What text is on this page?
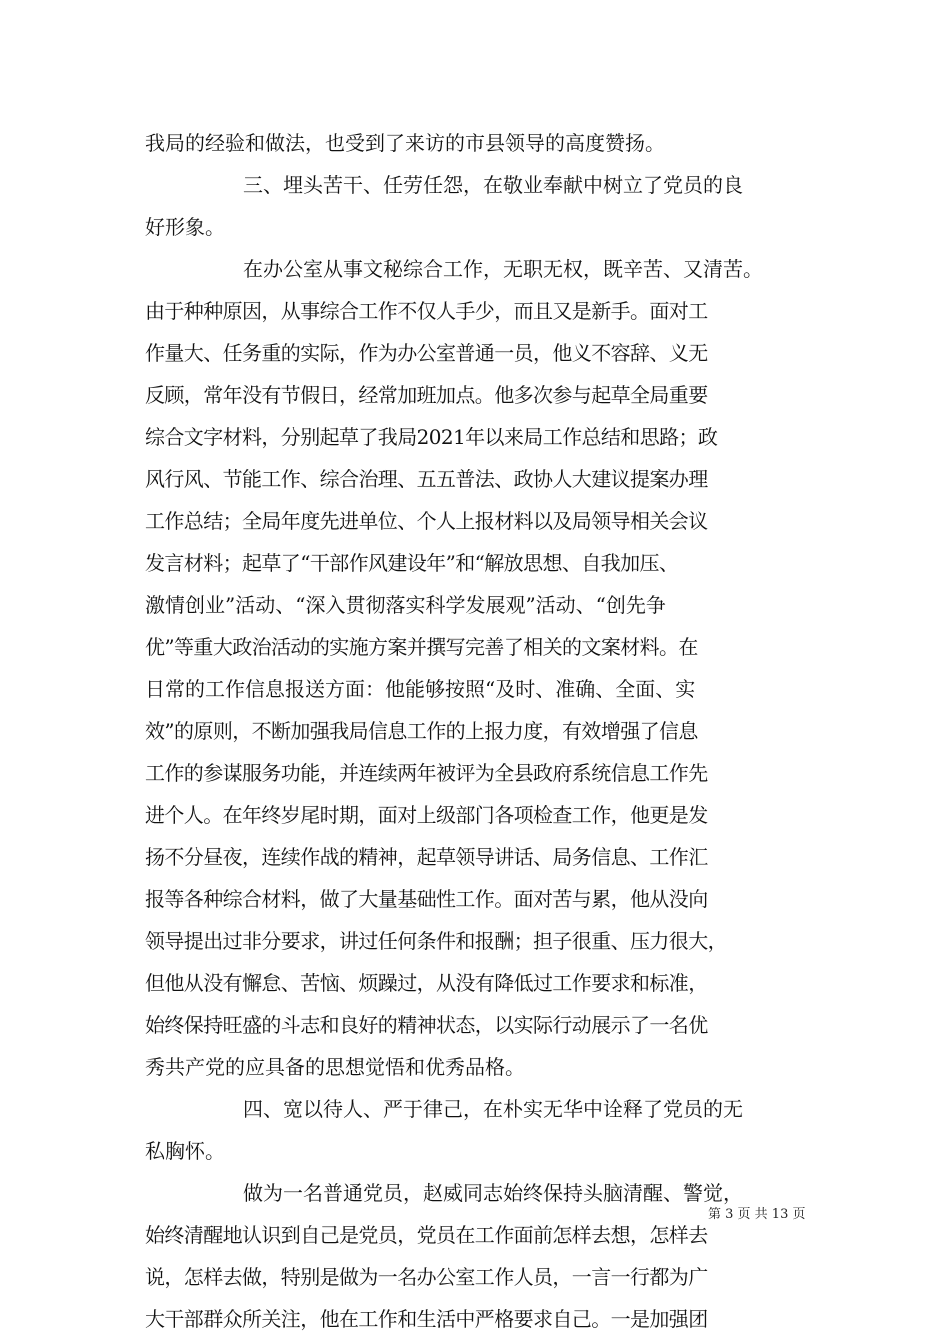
我局的经验和做法，也受到了来访的市县领导的高度赞扬。
三、埋头苦干、任劳任怨，在敬业奉献中树立了党员的良
好形象。
在办公室从事文秘综合工作，无职无权，既辛苦、又清苦。
由于种种原因，从事综合工作不仅人手少，而且又是新手。面对工
作量大、任务重的实际，作为办公室普通一员，他义不容辞、义无
反顾，常年没有节假日，经常加班加点。他多次参与起草全局重要
综合文字材料，分别起草了我局2021年以来局工作总结和思路；政
风行风、节能工作、综合治理、五五普法、政协人大建议提案办理
工作总结；全局年度先进单位、个人上报材料以及局领导相关会议
发言材料；起草了“干部作风建设年”和“解放思想、自我加压、
激情创业”活动、“深入贯彻落实科学发展观”活动、“创先争
优”等重大政治活动的实施方案并撰写完善了相关的文案材料。在
日常的工作信息报送方面：他能够按照“及时、准确、全面、实
效”的原则，不断加强我局信息工作的上报力度，有效增强了信息
工作的参谋服务功能，并连续两年被评为全县政府系统信息工作先
进个人。在年终岁尾时期，面对上级部门各项检查工作，他更是发
扬不分昼夜，连续作战的精神，起草领导讲话、局务信息、工作汇
报等各种综合材料，做了大量基础性工作。面对苦与累，他从没向
领导提出过非分要求，讲过任何条件和报酬；担子很重、压力很大，
但他从没有懈怠、苦恼、烦躁过，从没有降低过工作要求和标准，
始终保持旺盛的斗志和良好的精神状态，以实际行动展示了一名优
秀共产党的应具备的思想觉悟和优秀品格。
四、宽以待人、严于律己，在朴实无华中诠释了党员的无
私胸怀。
做为一名普通党员，赵威同志始终保持头脑清醒、警觉，
始终清醒地认识到自己是党员，党员在工作面前怎样去想，怎样去
说，怎样去做，特别是做为一名办公室工作人员，一言一行都为广
大干部群众所关注，他在工作和生活中严格要求自己。一是加强团
第 3 页 共 13 页
